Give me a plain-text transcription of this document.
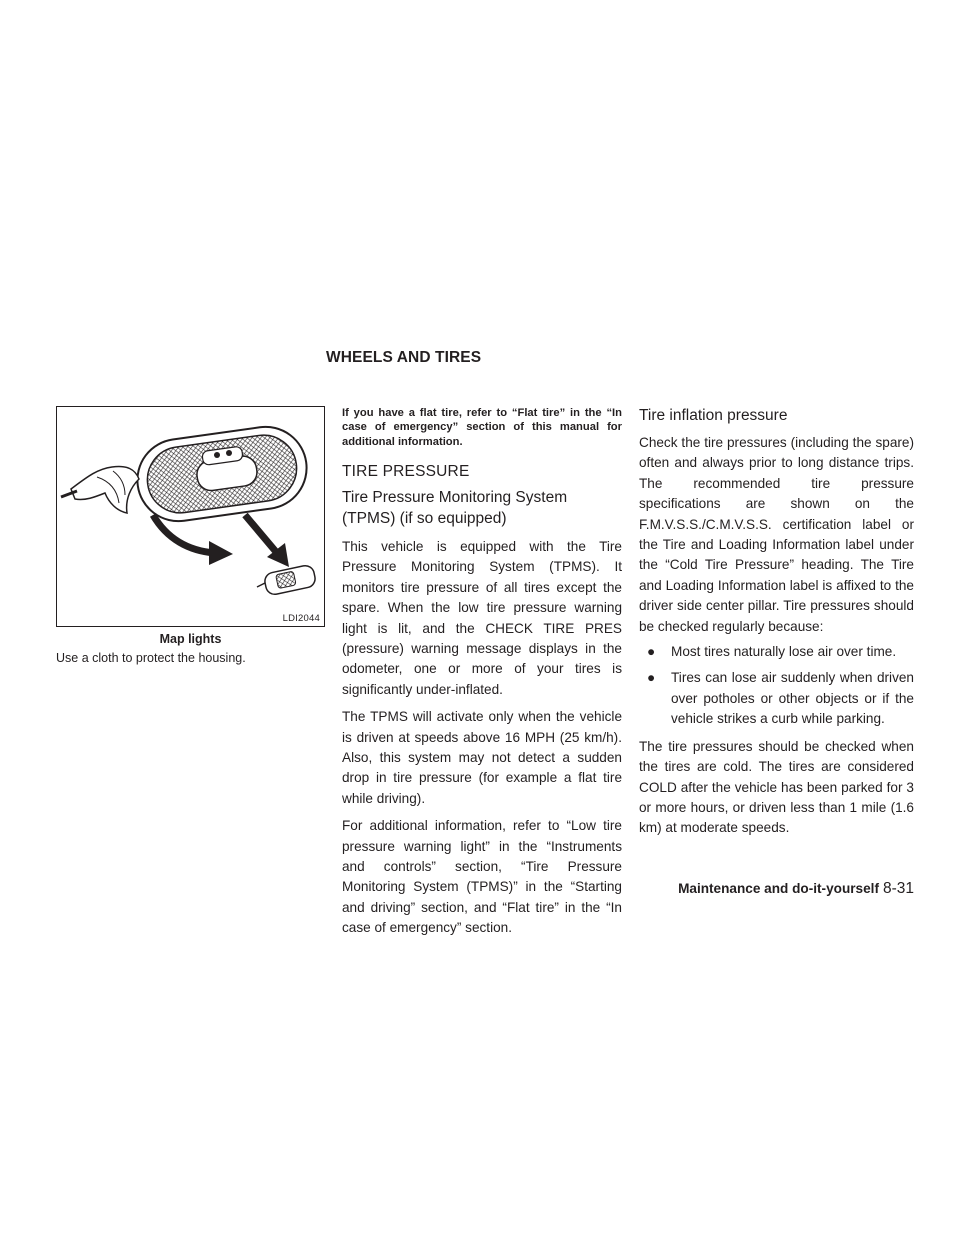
WHEELS AND TIRES
LDI2044
Map lights
Use a cloth to protect the housing.

If you have a flat tire, refer to “Flat tire” in the “In case of emergency” section of this manual for additional information.

TIRE PRESSURE
Tire Pressure Monitoring System (TPMS) (if so equipped)

This vehicle is equipped with the Tire Pressure Monitoring System (TPMS). It monitors tire pressure of all tires except the spare. When the low tire pressure warning light is lit, and the CHECK TIRE PRES (pressure) warning message displays in the odometer, one or more of your tires is significantly under-inflated.

The TPMS will activate only when the vehicle is driven at speeds above 16 MPH (25 km/h). Also, this system may not detect a sudden drop in tire pressure (for example a flat tire while driving).

For additional information, refer to “Low tire pressure warning light” in the “Instruments and controls” section, “Tire Pressure Monitoring System (TPMS)” in the “Starting and driving” section, and “Flat tire” in the “In case of emergency” section.

Tire inflation pressure

Check the tire pressures (including the spare) often and always prior to long distance trips. The recommended tire pressure specifications are shown on the F.M.V.S.S./C.M.V.S.S. certification label or the Tire and Loading Information label under the “Cold Tire Pressure” heading. The Tire and Loading Information label is affixed to the driver side center pillar. Tire pressures should be checked regularly because:

● Most tires naturally lose air over time.
● Tires can lose air suddenly when driven over potholes or other objects or if the vehicle strikes a curb while parking.

The tire pressures should be checked when the tires are cold. The tires are considered COLD after the vehicle has been parked for 3 or more hours, or driven less than 1 mile (1.6 km) at moderate speeds.

Maintenance and do-it-yourself 8-31
